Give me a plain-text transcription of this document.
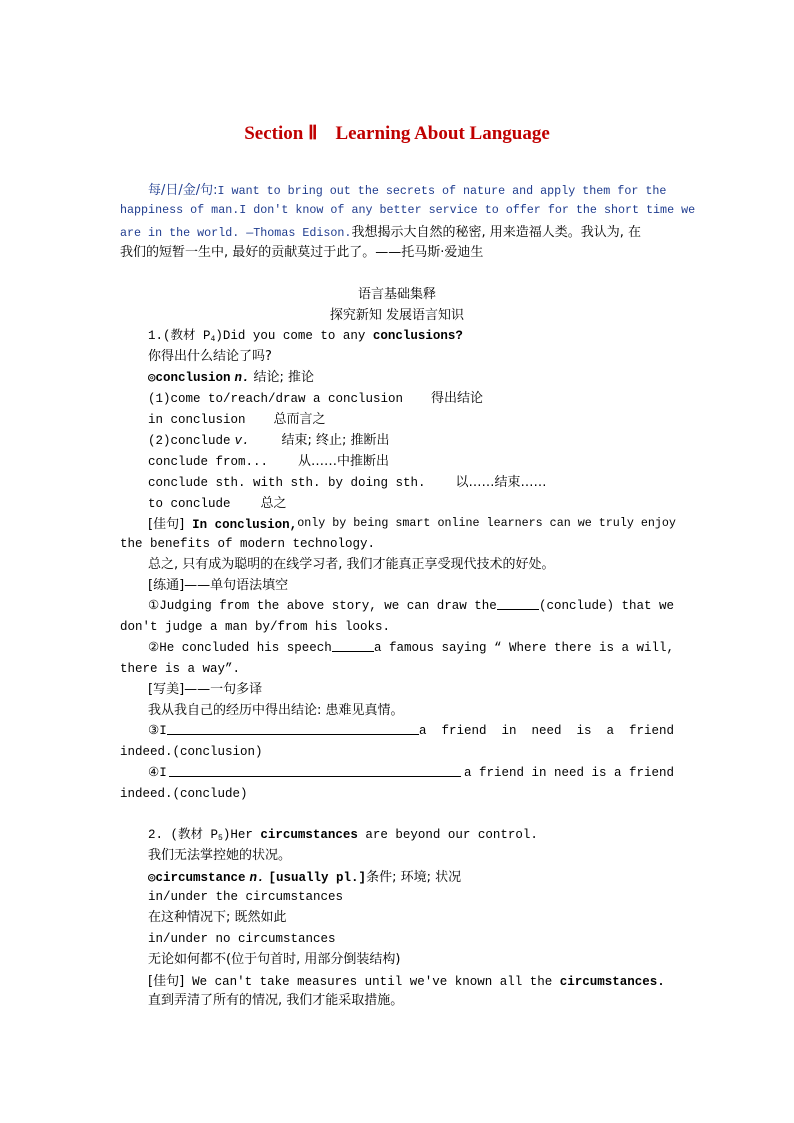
Section Ⅱ Learning About Language
每/日/金/句:I want to bring out the secrets of nature and apply them for the
happiness of man.I don't know of any better service to offer for the short time we
are in the world. —Thomas Edison.我想揭示大自然的秘密, 用来造福人类。我认为, 在
我们的短暂一生中, 最好的贡献莫过于此了。——托马斯·爱迪生
语言基础集释
探究新知 发展语言知识
1.(教材 $P_4)Did$ you come to any conclusions?
你得出什么结论了吗?
◎conclusion n. 结论; 推论
(1)come to/reach/draw a conclusion 得出结论
in conclusion 总而言之
(2)conclude v. 结束; 终止; 推断出
conclude from... 从……中推断出
conclude sth. with sth. by doing sth. 以……结束……
to conclude 总之
[佳句] In conclusion, only by being smart online learners can we truly enjoy
the benefits of modern technology.
总之, 只有成为聪明的在线学习者, 我们才能真正享受现代技术的好处。
[练通]——单句语法填空
①Judging from the above story, we can draw the	(conclude) that we
don't judge a man by/from his looks.
②He concluded his speech	a famous saying “ Where there is a will,
there is a way”.
[写美]——一句多译
我从我自己的经历中得出结论: 患难见真情。
③I	a  friend  in  need  is  a  friend
indeed.(conclusion)
④I	a friend in need is a friend
indeed.(conclude)
2. (教材 $P_5)Her$ circumstances are beyond our control.
我们无法掌控她的状况。
◎circumstance n. [usually pl.]条件; 环境; 状况
in/under the circumstances
在这种情况下; 既然如此
in/under no circumstances
无论如何都不(位于句首时, 用部分倒装结构)
[佳句] We can't take measures until we've known all the circumstances.
直到弄清了所有的情况, 我们才能采取措施。
